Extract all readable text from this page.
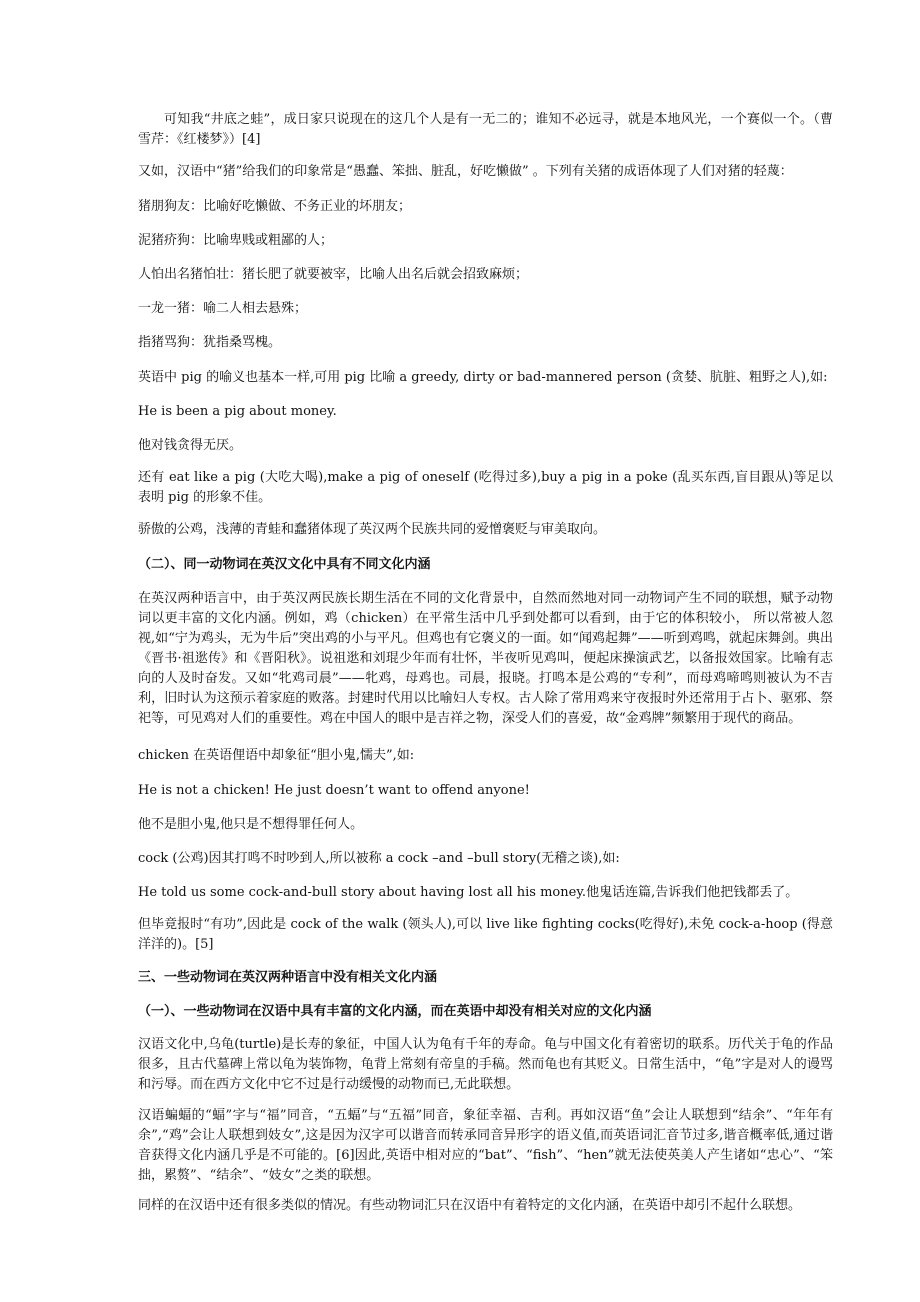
可知我“井底之蛙”，成日家只说现在的这几个人是有一无二的；谁知不必远寻，就是本地风光，一个赛似一个。（曹雪芹：《红楼梦》）[4]

又如，汉语中“猪”给我们的印象常是“愚蠢、笨拙、脏乱，好吃懒做” 。下列有关猪的成语体现了人们对猪的轻蔑：

猪朋狗友：比喻好吃懒做、不务正业的坏朋友；

泥猪疥狗：比喻卑贱或粗鄙的人；

人怕出名猪怕壮：猪长肥了就要被宰，比喻人出名后就会招致麻烦；

一龙一猪：喻二人相去悬殊；

指猪骂狗：犹指桑骂槐。

英语中 pig 的喻义也基本一样,可用 pig 比喻 a greedy, dirty or bad-mannered person (贪婪、肮脏、粗野之人),如:

He is been a pig about money.

他对钱贪得无厌。

还有 eat like a pig (大吃大喝),make a pig of oneself (吃得过多),buy a pig in a poke (乱买东西,盲目跟从)等足以表明 pig 的形象不佳。

骄傲的公鸡，浅薄的青蛙和蠢猪体现了英汉两个民族共同的爱憎褒贬与审美取向。

（二）、同一动物词在英汉文化中具有不同文化内涵

在英汉两种语言中，由于英汉两民族长期生活在不同的文化背景中，自然而然地对同一动物词产生不同的联想，赋予动物词以更丰富的文化内涵。例如，鸡（chicken）在平常生活中几乎到处都可以看到，由于它的体积较小， 所以常被人忽视,如“宁为鸡头，无为牛后”突出鸡的小与平凡。但鸡也有它褒义的一面。如“闻鸡起舞”——听到鸡鸣，就起床舞剑。典出《晋书·祖逖传》和《晋阳秋》。说祖逖和刘琨少年而有壮怀，半夜听见鸡叫，便起床操演武艺，以备报效国家。比喻有志向的人及时奋发。又如“牝鸡司晨”——牝鸡，母鸡也。司晨，报晓。打鸣本是公鸡的“专利”，而母鸡啼鸣则被认为不吉利，旧时认为这预示着家庭的败落。封建时代用以比喻妇人专权。古人除了常用鸡来守夜报时外还常用于占卜、驱邪、祭祀等，可见鸡对人们的重要性。鸡在中国人的眼中是吉祥之物，深受人们的喜爱，故“金鸡牌”频繁用于现代的商品。

chicken 在英语俚语中却象征“胆小鬼,懦夫”,如:

He is not a chicken! He just doesn’t want to offend anyone!

他不是胆小鬼,他只是不想得罪任何人。

cock (公鸡)因其打鸣不时吵到人,所以被称 a cock –and –bull story(无稽之谈),如:

He told us some cock-and-bull story about having lost all his money.他鬼话连篇,告诉我们他把钱都丢了。

但毕竟报时“有功”,因此是 cock of the walk (领头人),可以 live like fighting cocks(吃得好),未免 cock-a-hoop (得意洋洋的)。[5]

三、一些动物词在英汉两种语言中没有相关文化内涵

（一）、一些动物词在汉语中具有丰富的文化内涵，而在英语中却没有相关对应的文化内涵

汉语文化中,乌龟(turtle)是长寿的象征，中国人认为龟有千年的寿命。龟与中国文化有着密切的联系。历代关于龟的作品很多，且古代墓碑上常以龟为装饰物，龟背上常刻有帝皇的手稿。然而龟也有其贬义。日常生活中，“龟”字是对人的谩骂和污辱。而在西方文化中它不过是行动缓慢的动物而已,无此联想。

汉语蝙蝠的“蝠”字与“福”同音，“五蝠”与“五福”同音，象征幸福、吉利。再如汉语“鱼”会让人联想到“结余”、“年年有余”,“鸡”会让人联想到妓女”,这是因为汉字可以谐音而转承同音异形字的语义值,而英语词汇音节过多,谐音概率低,通过谐音获得文化内涵几乎是不可能的。[6]因此,英语中相对应的“bat”、“fish”、“hen”就无法使英美人产生诸如“忠心”、“笨拙，累赘”、“结余”、“妓女”之类的联想。

同样的在汉语中还有很多类似的情况。有些动物词汇只在汉语中有着特定的文化内涵，在英语中却引不起什么联想。
